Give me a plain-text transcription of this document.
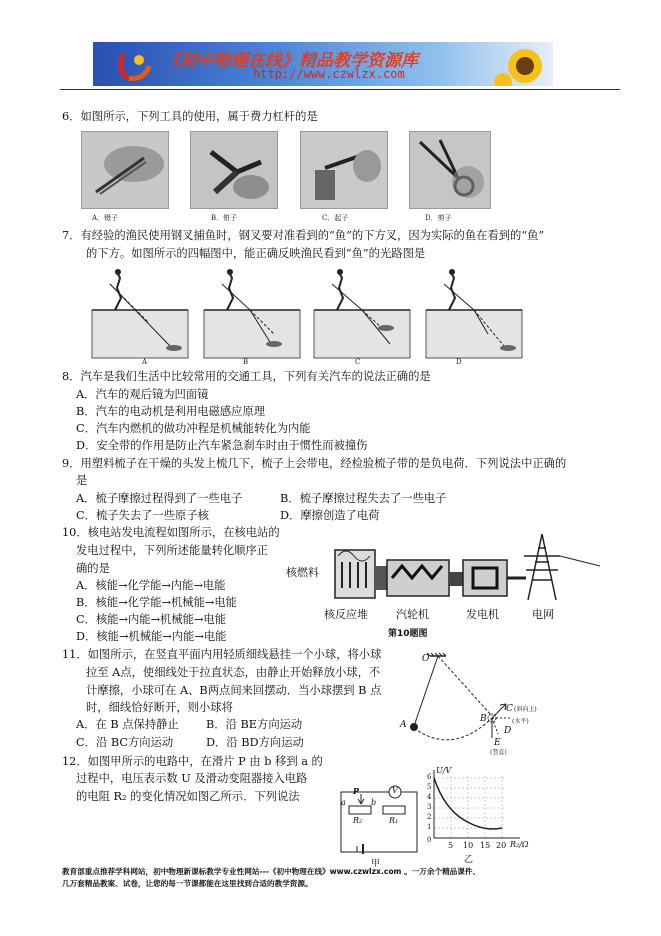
《初中物理在线》精品教学资源库
http://www.czwlzx.com
6．如图所示，下列工具的使用，属于费力杠杆的是
A．镊子	B．钳子	C．起子	D．剪子
7．有经验的渔民使用钢叉捕鱼时，钢叉要对准看到的“鱼”的下方叉，因为实际的鱼在看到的“鱼”
的下方。如图所示的四幅图中，能正确反映渔民看到“鱼”的光路图是
A	B	C	D
8．汽车是我们生活中比较常用的交通工具，下列有关汽车的说法正确的是
A．汽车的观后镜为凹面镜
B．汽车的电动机是利用电磁感应原理
C．汽车内燃机的做功冲程是机械能转化为内能
D．安全带的作用是防止汽车紧急刹车时由于惯性而被撞伤
9．用塑料梳子在干燥的头发上梳几下，梳子上会带电，经检验梳子带的是负电荷．下列说法中正确的
是
A．梳子摩擦过程得到了一些电子	B．梳子摩擦过程失去了一些电子
C．梳子失去了一些原子核	D．摩擦创造了电荷
10．核电站发电流程如图所示，在核电站的
发电过程中，下列所述能量转化顺序正
确的是
A．核能→化学能→内能→电能
B．核能→化学能→机械能→电能
C．核能→内能→机械能→电能
D．核能→机械能→内能→电能
核燃料
核反应堆	汽轮机	发电机	电网
第10题图
11．如图所示，在竖直平面内用轻质细线悬挂一个小球，将小球
拉至 A点，使细线处于拉直状态，由静止开始释放小球，不
计摩擦，小球可在 A、B两点间来回摆动．当小球摆到 B 点
时，细线恰好断开，则小球将
A．在 B 点保持静止 B．沿 BE方向运动
C．沿 BC方向运动	D．沿 BD方向运动
O
A
B
C (斜向上)
(水平)
D
E
(竖直)
12．如图甲所示的电路中，在滑片 P 由 b 移到 a 的
过程中，电压表示数 U 及滑动变阻器接入电路
的电阻 R₂ 的变化情况如图乙所示．下列说法	a
P
b
V
R₂	R₁
甲
U/V
6
5
4
3
2
1
0
5 10 15 20 R₂/Ω
乙
教育部重点推荐学科网站，初中物理新课标教学专业性网站---《初中物理在线》www.czwlzx.com 。一万余个精品课件、
几万套精品教案、试卷，让您的每一节课都能在这里找到合适的教学资源。
